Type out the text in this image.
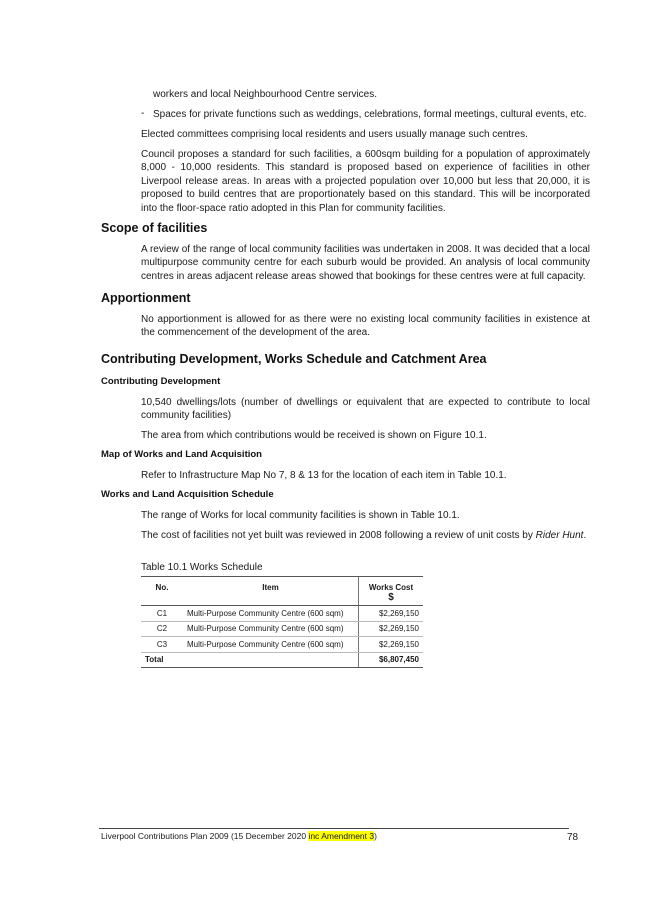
workers and local Neighbourhood Centre services.
- Spaces for private functions such as weddings, celebrations, formal meetings, cultural events, etc.
Elected committees comprising local residents and users usually manage such centres.
Council proposes a standard for such facilities, a 600sqm building for a population of approximately 8,000 - 10,000 residents. This standard is proposed based on experience of facilities in other Liverpool release areas. In areas with a projected population over 10,000 but less that 20,000, it is proposed to build centres that are proportionately based on this standard. This will be incorporated into the floor-space ratio adopted in this Plan for community facilities.
Scope of facilities
A review of the range of local community facilities was undertaken in 2008. It was decided that a local multipurpose community centre for each suburb would be provided. An analysis of local community centres in areas adjacent release areas showed that bookings for these centres were at full capacity.
Apportionment
No apportionment is allowed for as there were no existing local community facilities in existence at the commencement of the development of the area.
Contributing Development, Works Schedule and Catchment Area
Contributing Development
10,540 dwellings/lots (number of dwellings or equivalent that are expected to contribute to local community facilities)
The area from which contributions would be received is shown on Figure 10.1.
Map of Works and Land Acquisition
Refer to Infrastructure Map No 7, 8 & 13 for the location of each item in Table 10.1.
Works and Land Acquisition Schedule
The range of Works for local community facilities is shown in Table 10.1.
The cost of facilities not yet built was reviewed in 2008 following a review of unit costs by Rider Hunt.
Table 10.1 Works Schedule
No.	Item	Works Cost
$
C1	Multi-Purpose Community Centre (600 sqm)	$2,269,150
C2	Multi-Purpose Community Centre (600 sqm)	$2,269,150
C3	Multi-Purpose Community Centre (600 sqm)	$2,269,150
Total		$6,807,450
Liverpool Contributions Plan 2009 (15 December 2020 inc Amendment 3)	78
